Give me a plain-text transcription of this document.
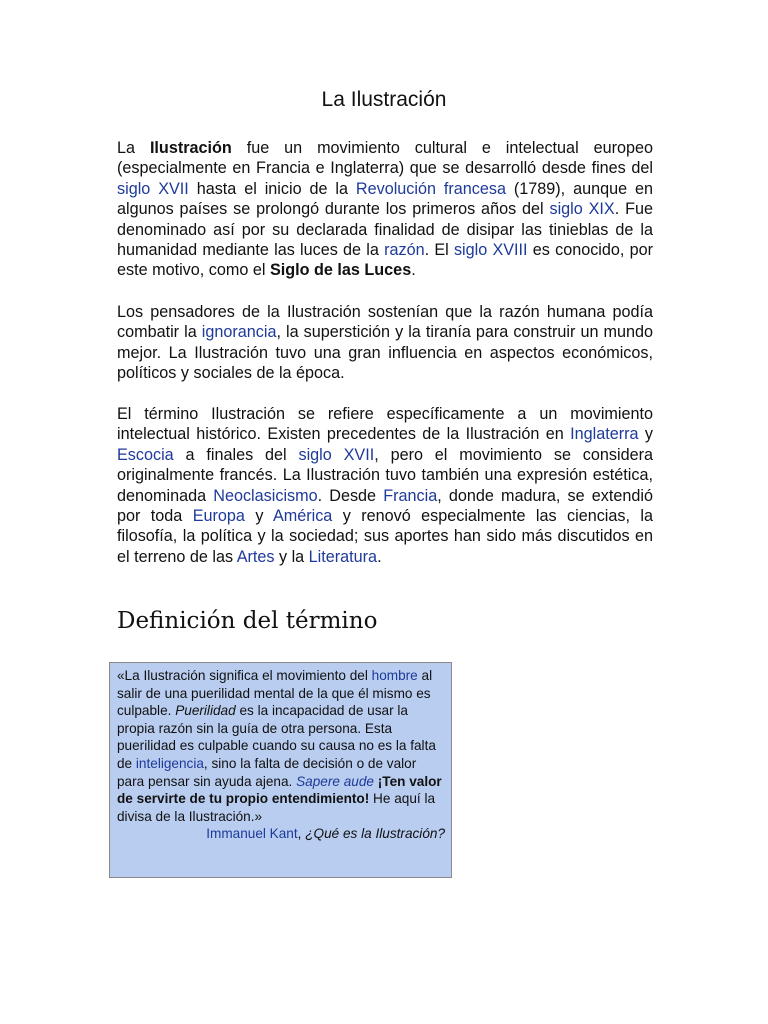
La Ilustración

La Ilustración fue un movimiento cultural e intelectual europeo (especialmente en Francia e Inglaterra) que se desarrolló desde fines del siglo XVII hasta el inicio de la Revolución francesa (1789), aunque en algunos países se prolongó durante los primeros años del siglo XIX. Fue denominado así por su declarada finalidad de disipar las tinieblas de la humanidad mediante las luces de la razón. El siglo XVIII es conocido, por este motivo, como el Siglo de las Luces.

Los pensadores de la Ilustración sostenían que la razón humana podía combatir la ignorancia, la superstición y la tiranía para construir un mundo mejor. La Ilustración tuvo una gran influencia en aspectos económicos, políticos y sociales de la época.

El término Ilustración se refiere específicamente a un movimiento intelectual histórico. Existen precedentes de la Ilustración en Inglaterra y Escocia a finales del siglo XVII, pero el movimiento se considera originalmente francés. La Ilustración tuvo también una expresión estética, denominada Neoclasicismo. Desde Francia, donde madura, se extendió por toda Europa y América y renovó especialmente las ciencias, la filosofía, la política y la sociedad; sus aportes han sido más discutidos en el terreno de las Artes y la Literatura.

Definición del término
«La Ilustración significa el movimiento del hombre al salir de una puerilidad mental de la que él mismo es culpable. Puerilidad es la incapacidad de usar la propia razón sin la guía de otra persona. Esta puerilidad es culpable cuando su causa no es la falta de inteligencia, sino la falta de decisión o de valor para pensar sin ayuda ajena. Sapere aude ¡Ten valor de servirte de tu propio entendimiento! He aquí la divisa de la Ilustración.»
Immanuel Kant, ¿Qué es la Ilustración?
